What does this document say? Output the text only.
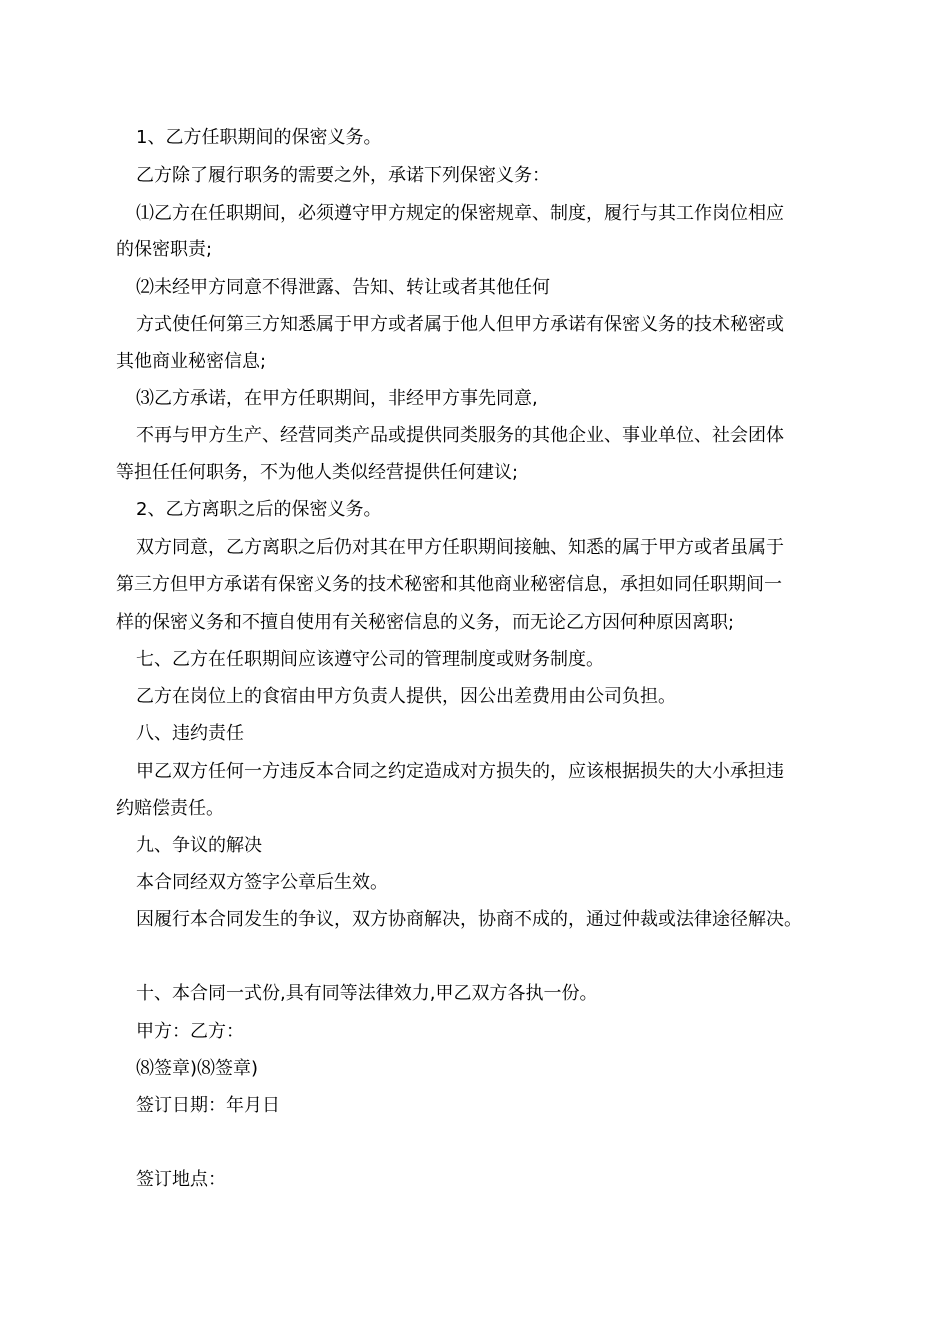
1、乙方任职期间的保密义务。
乙方除了履行职务的需要之外，承诺下列保密义务：
⑴乙方在任职期间，必须遵守甲方规定的保密规章、制度，履行与其工作岗位相应
的保密职责;
⑵未经甲方同意不得泄露、告知、转让或者其他任何
方式使任何第三方知悉属于甲方或者属于他人但甲方承诺有保密义务的技术秘密或
其他商业秘密信息;
⑶乙方承诺，在甲方任职期间，非经甲方事先同意,
不再与甲方生产、经营同类产品或提供同类服务的其他企业、事业单位、社会团体
等担任任何职务，不为他人类似经营提供任何建议;
2、乙方离职之后的保密义务。
双方同意，乙方离职之后仍对其在甲方任职期间接触、知悉的属于甲方或者虽属于
第三方但甲方承诺有保密义务的技术秘密和其他商业秘密信息，承担如同任职期间一
样的保密义务和不擅自使用有关秘密信息的义务，而无论乙方因何种原因离职;
七、乙方在任职期间应该遵守公司的管理制度或财务制度。
乙方在岗位上的食宿由甲方负责人提供，因公出差费用由公司负担。
八、违约责任
甲乙双方任何一方违反本合同之约定造成对方损失的，应该根据损失的大小承担违
约赔偿责任。
九、争议的解决
本合同经双方签字公章后生效。
因履行本合同发生的争议，双方协商解决，协商不成的，通过仲裁或法律途径解决。
十、本合同一式份,具有同等法律效力,甲乙双方各执一份。
甲方：乙方：
⑻签章)⑻签章)
签订日期：年月日
签订地点：
